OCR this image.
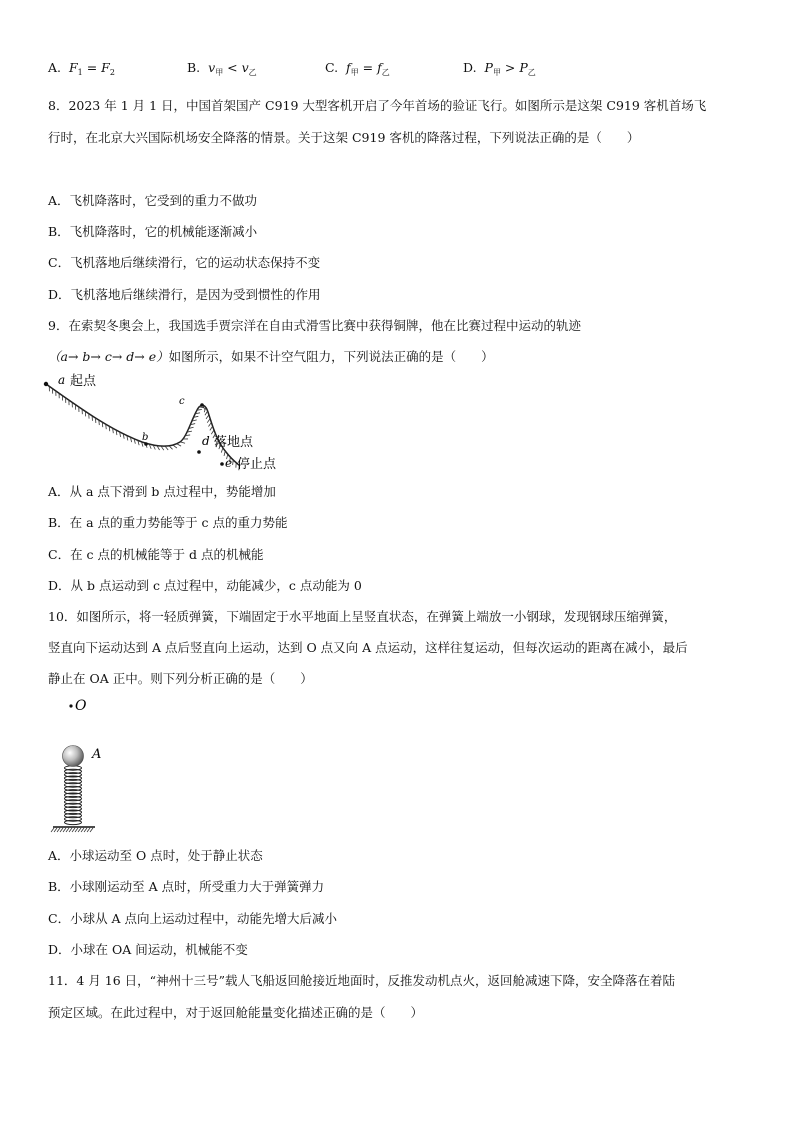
A. $F_1 = F_2$	B. $v_甲 < v_乙$	C. $f_甲 = f_乙$	D. $P_甲 > P_乙$
8．2023 年 1 月 1 日，中国首架国产 C919 大型客机开启了今年首场的验证飞行。如图所示是这架 C919 客机首场飞
行时，在北京大兴国际机场安全降落的情景。关于这架 C919 客机的降落过程，下列说法正确的是（　　）
A．飞机降落时，它受到的重力不做功
B．飞机降落时，它的机械能逐渐减小
C．飞机落地后继续滑行，它的运动状态保持不变
D．飞机落地后继续滑行，是因为受到惯性的作用
9．在索契冬奥会上，我国选手贾宗洋在自由式滑雪比赛中获得铜牌，他在比赛过程中运动的轨迹
（a→ b→ c→ d→ e）如图所示，如果不计空气阻力，下列说法正确的是（　　）
a 起点
b
c
d 落地点
e 停止点
A．从 a 点下滑到 b 点过程中，势能增加
B．在 a 点的重力势能等于 c 点的重力势能
C．在 c 点的机械能等于 d 点的机械能
D．从 b 点运动到 c 点过程中，动能减少，c 点动能为 0
10．如图所示，将一轻质弹簧，下端固定于水平地面上呈竖直状态，在弹簧上端放一小钢球，发现钢球压缩弹簧，
竖直向下运动达到 A 点后竖直向上运动，达到 O 点又向 A 点运动，这样往复运动，但每次运动的距离在减小，最后
静止在 OA 正中。则下列分析正确的是（　　）
O
A
A．小球运动至 O 点时，处于静止状态
B．小球刚运动至 A 点时，所受重力大于弹簧弹力
C．小球从 A 点向上运动过程中，动能先增大后减小
D．小球在 OA 间运动，机械能不变
11．4 月 16 日，“神州十三号”载人飞船返回舱接近地面时，反推发动机点火，返回舱减速下降，安全降落在着陆
预定区域。在此过程中，对于返回舱能量变化描述正确的是（　　）
